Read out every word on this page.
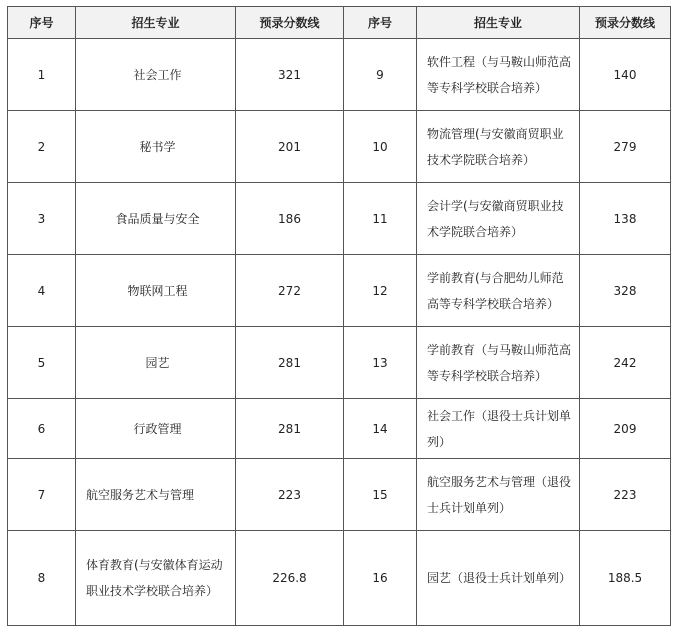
序号	招生专业	预录分数线	序号	招生专业	预录分数线
1	社会工作	321	9	软件工程（与马鞍山师范高等专科学校联合培养）	140
2	秘书学	201	10	物流管理(与安徽商贸职业技术学院联合培养）	279
3	食品质量与安全	186	11	会计学(与安徽商贸职业技术学院联合培养）	138
4	物联网工程	272	12	学前教育(与合肥幼儿师范高等专科学校联合培养）	328
5	园艺	281	13	学前教育（与马鞍山师范高等专科学校联合培养）	242
6	行政管理	281	14	社会工作（退役士兵计划单列）	209
7	航空服务艺术与管理	223	15	航空服务艺术与管理（退役士兵计划单列）	223
8	体育教育(与安徽体育运动职业技术学校联合培养）	226.8	16	园艺（退役士兵计划单列）	188.5
